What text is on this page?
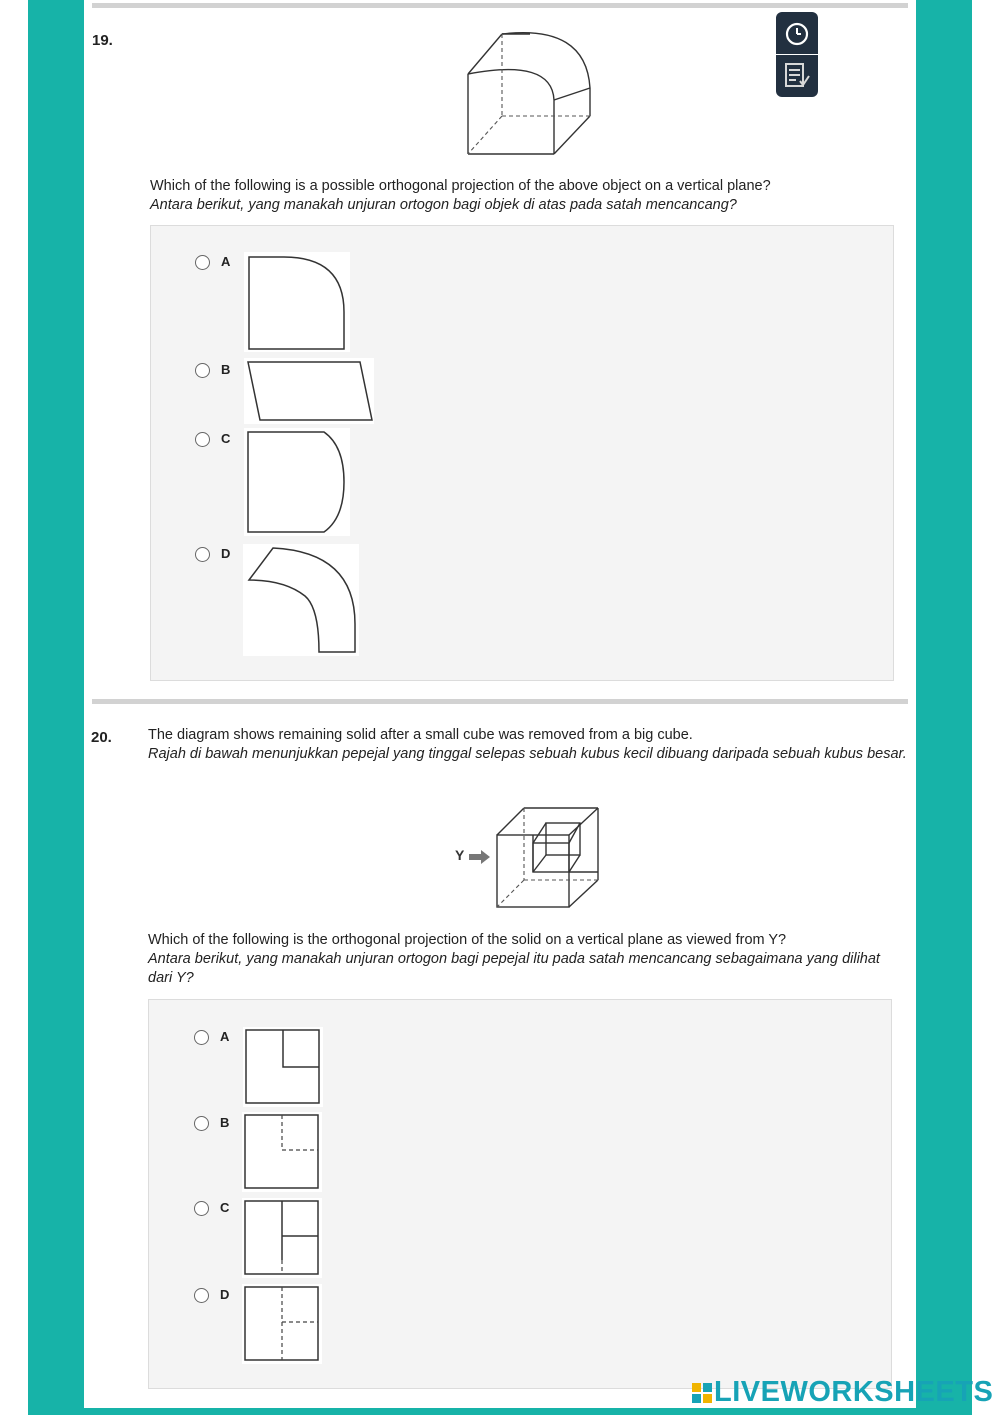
19.
Which of the following is a possible orthogonal projection of the above object on a vertical plane?
Antara berikut, yang manakah unjuran ortogon bagi objek di atas pada satah mencancang?
A
B
C
D
20. The diagram shows remaining solid after a small cube was removed from a big cube.
Rajah di bawah menunjukkan pepejal yang tinggal selepas sebuah kubus kecil dibuang daripada sebuah kubus besar.
Y
Which of the following is the orthogonal projection of the solid on a vertical plane as viewed from Y?
Antara berikut, yang manakah unjuran ortogon bagi pepejal itu pada satah mencancang sebagaimana yang dilihat dari Y?
A
B
C
D
LIVEWORKSHEETS
